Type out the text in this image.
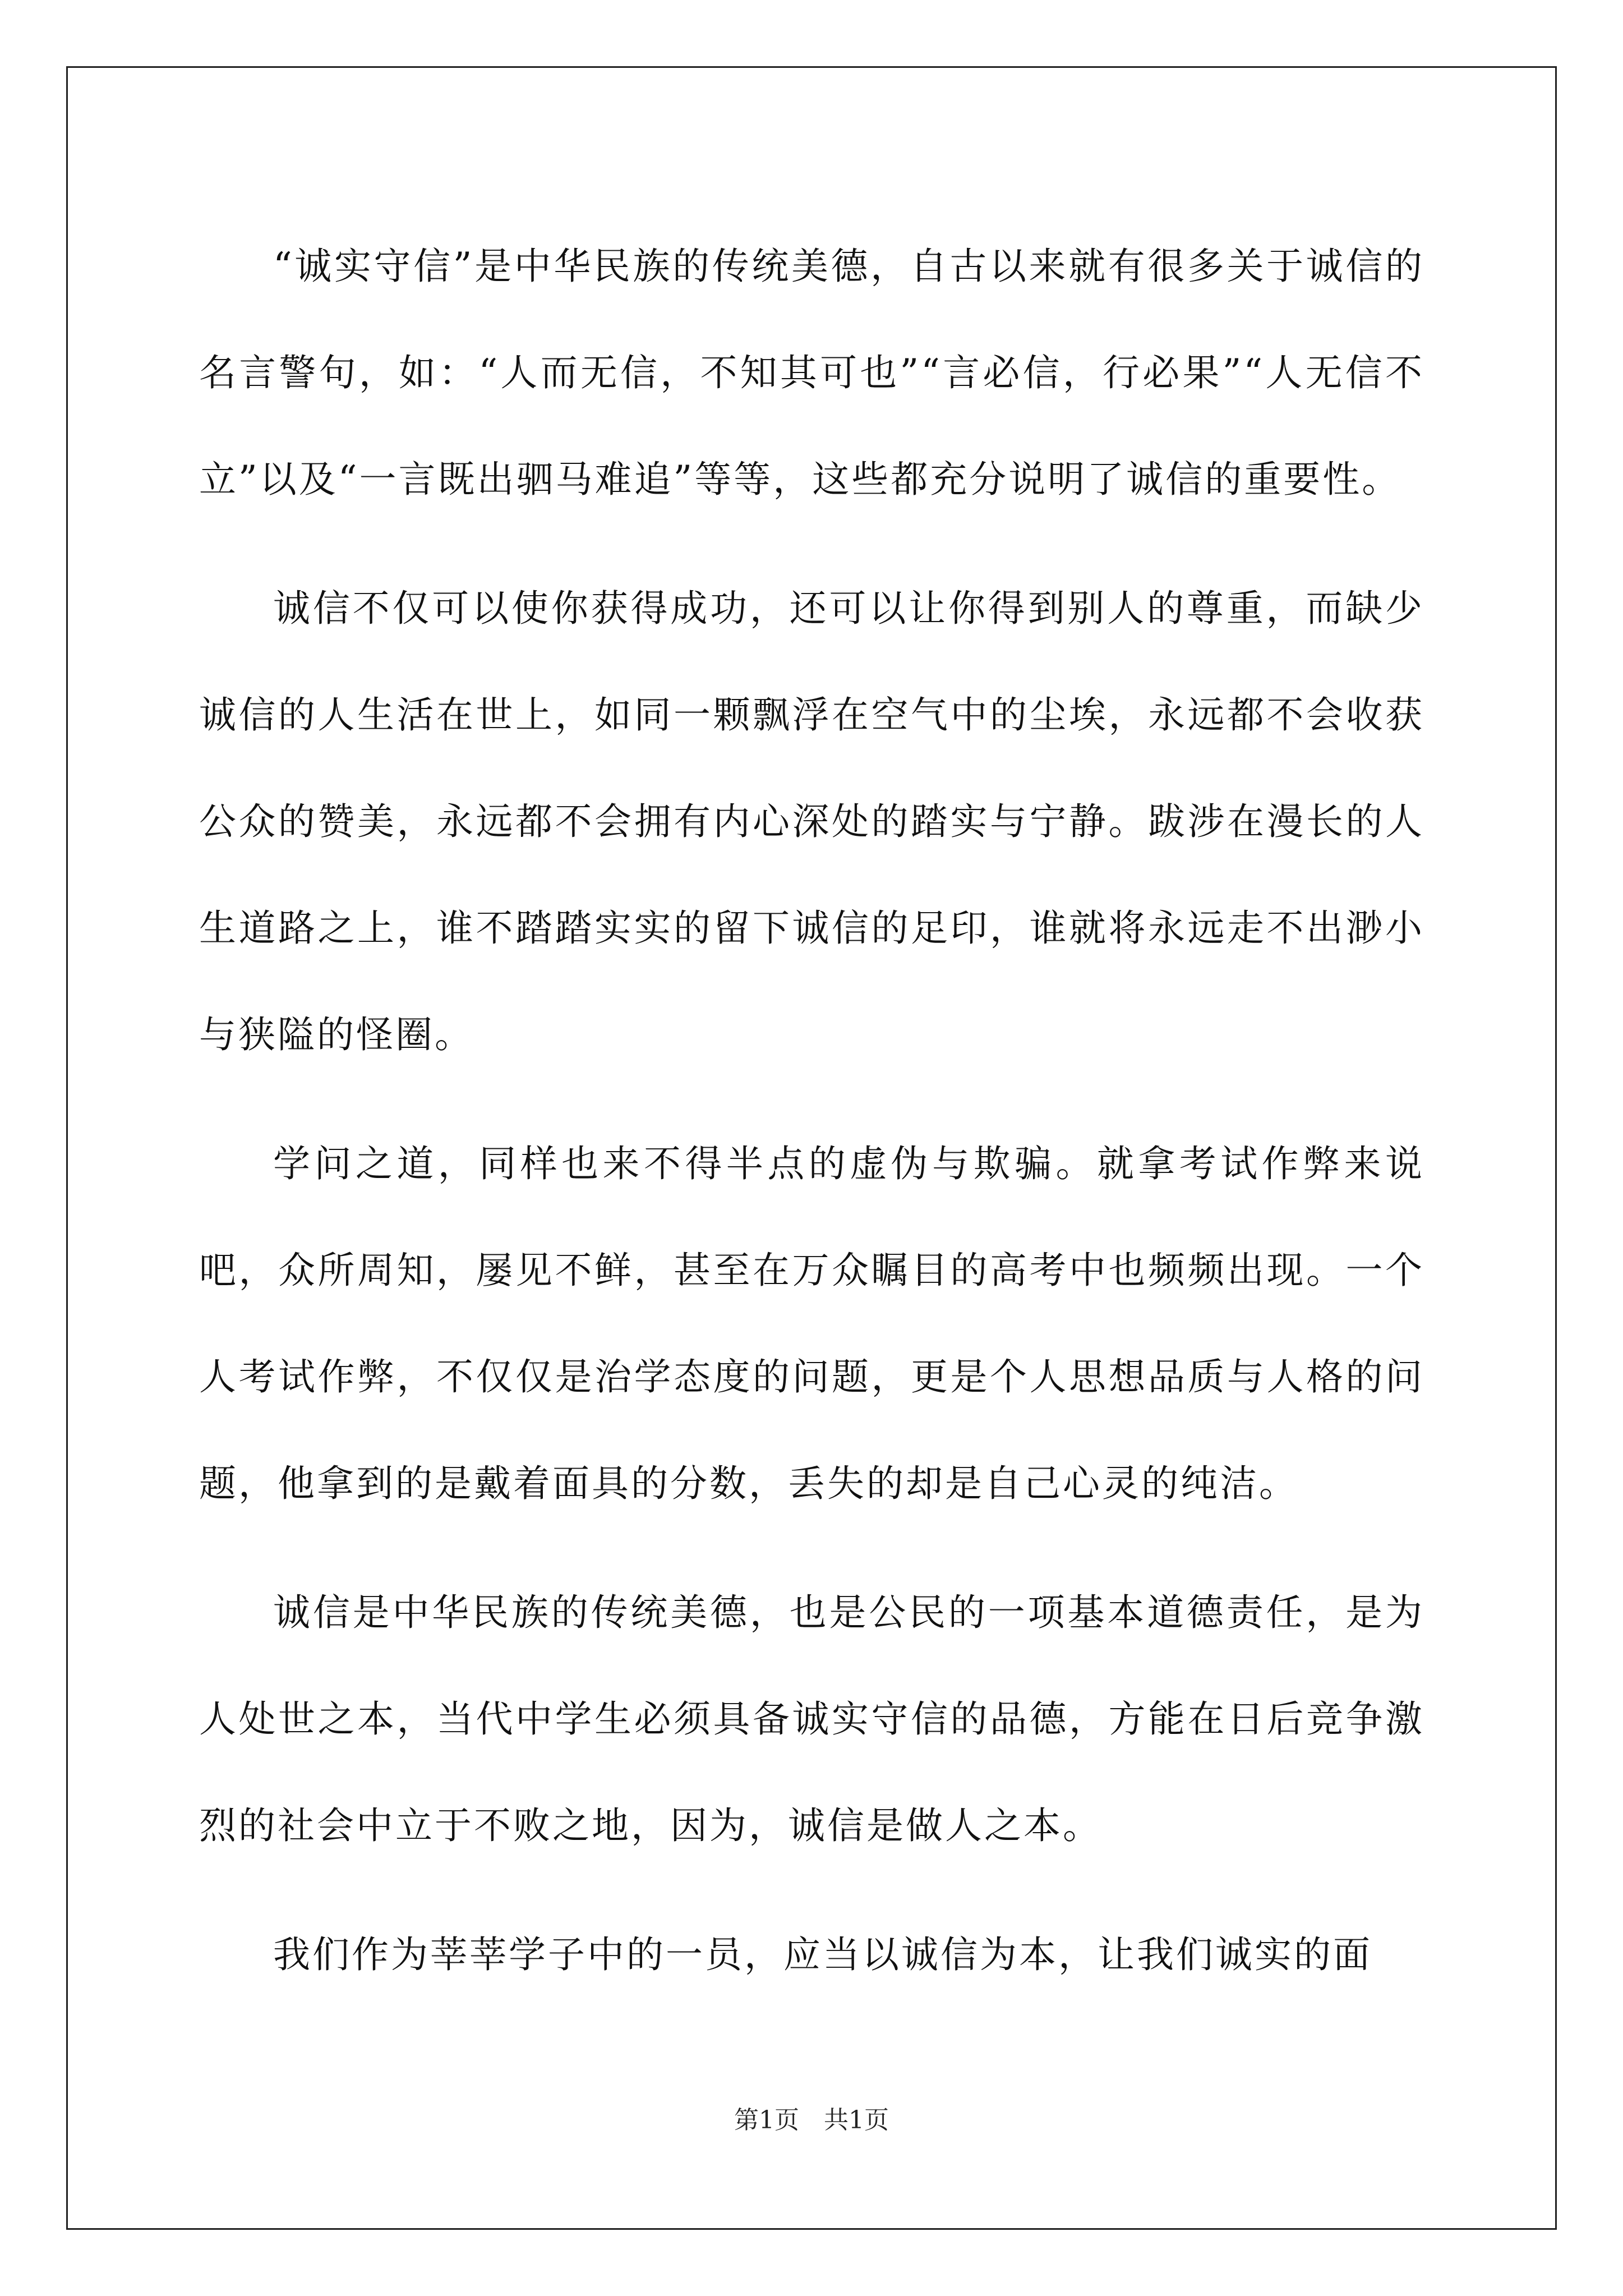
“诚实守信”是中华民族的传统美德，自古以来就有很多关于诚信的名言警句，如：“人而无信，不知其可也”“言必信，行必果”“人无信不立”以及“一言既出驷马难追”等等，这些都充分说明了诚信的重要性。

诚信不仅可以使你获得成功，还可以让你得到别人的尊重，而缺少诚信的人生活在世上，如同一颗飘浮在空气中的尘埃，永远都不会收获公众的赞美，永远都不会拥有内心深处的踏实与宁静。跋涉在漫长的人生道路之上，谁不踏踏实实的留下诚信的足印，谁就将永远走不出渺小与狭隘的怪圈。

学问之道，同样也来不得半点的虚伪与欺骗。就拿考试作弊来说吧，众所周知，屡见不鲜，甚至在万众瞩目的高考中也频频出现。一个人考试作弊，不仅仅是治学态度的问题，更是个人思想品质与人格的问题，他拿到的是戴着面具的分数，丢失的却是自己心灵的纯洁。

诚信是中华民族的传统美德，也是公民的一项基本道德责任，是为人处世之本，当代中学生必须具备诚实守信的品德，方能在日后竞争激烈的社会中立于不败之地，因为，诚信是做人之本。

我们作为莘莘学子中的一员，应当以诚信为本，让我们诚实的面

第1页　共1页
